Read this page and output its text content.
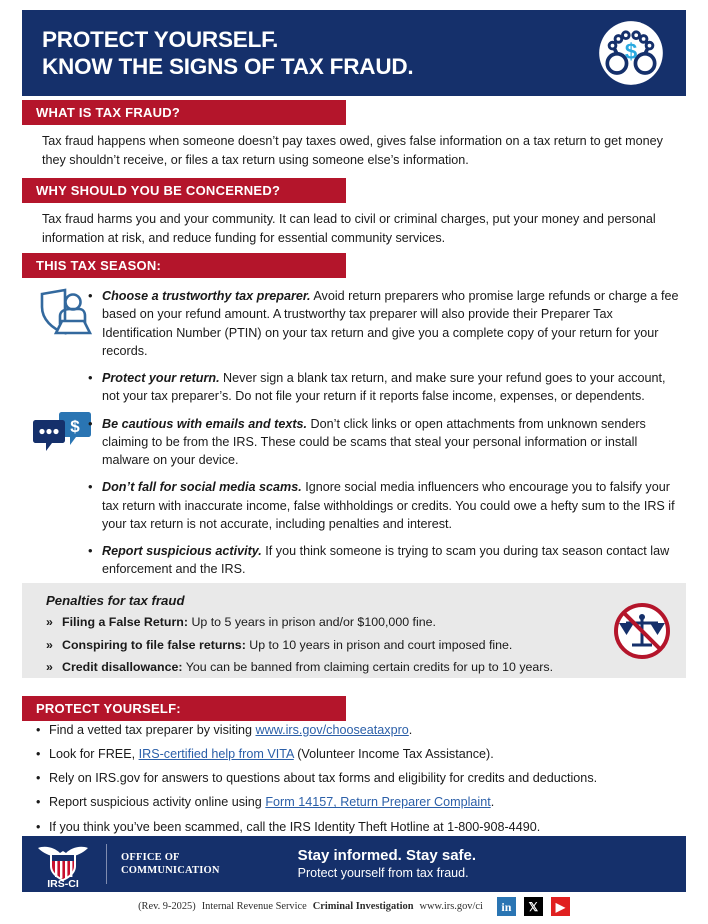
PROTECT YOURSELF.
KNOW THE SIGNS OF TAX FRAUD.
$
WHAT IS TAX FRAUD?
Tax fraud happens when someone doesn’t pay taxes owed, gives false information on a tax return to get money they shouldn’t receive, or files a tax return using someone else’s information.
WHY SHOULD YOU BE CONCERNED?
Tax fraud harms you and your community. It can lead to civil or criminal charges, put your money and personal information at risk, and reduce funding for essential community services.
THIS TAX SEASON:
$
• Choose a trustworthy tax preparer. Avoid return preparers who promise large refunds or charge a fee based on your refund amount. A trustworthy tax preparer will also provide their Preparer Tax Identification Number (PTIN) on your tax return and give you a complete copy of your return for your records.
• Protect your return. Never sign a blank tax return, and make sure your refund goes to your account, not your tax preparer’s. Do not file your return if it reports false income, expenses, or dependents.
• Be cautious with emails and texts. Don’t click links or open attachments from unknown senders claiming to be from the IRS. These could be scams that steal your personal information or install malware on your device.
• Don’t fall for social media scams. Ignore social media influencers who encourage you to falsify your tax return with inaccurate income, false withholdings or credits. You could owe a hefty sum to the IRS if your tax return is not accurate, including penalties and interest.
• Report suspicious activity. If you think someone is trying to scam you during tax season contact law enforcement and the IRS.
Penalties for tax fraud
» Filing a False Return: Up to 5 years in prison and/or $100,000 fine.
» Conspiring to file false returns: Up to 10 years in prison and court imposed fine.
» Credit disallowance: You can be banned from claiming certain credits for up to 10 years.
PROTECT YOURSELF:
• Find a vetted tax preparer by visiting www.irs.gov/chooseataxpro.
• Look for FREE, IRS-certified help from VITA (Volunteer Income Tax Assistance).
• Rely on IRS.gov for answers to questions about tax forms and eligibility for credits and deductions.
• Report suspicious activity online using Form 14157, Return Preparer Complaint.
• If you think you’ve been scammed, call the IRS Identity Theft Hotline at 1-800-908-4490.
IRS-CI
OFFICE OF
COMMUNICATION
Stay informed. Stay safe.
Protect yourself from tax fraud.
(Rev. 9-2025) Internal Revenue Service Criminal Investigation www.irs.gov/ci in 𝕏 ▶
